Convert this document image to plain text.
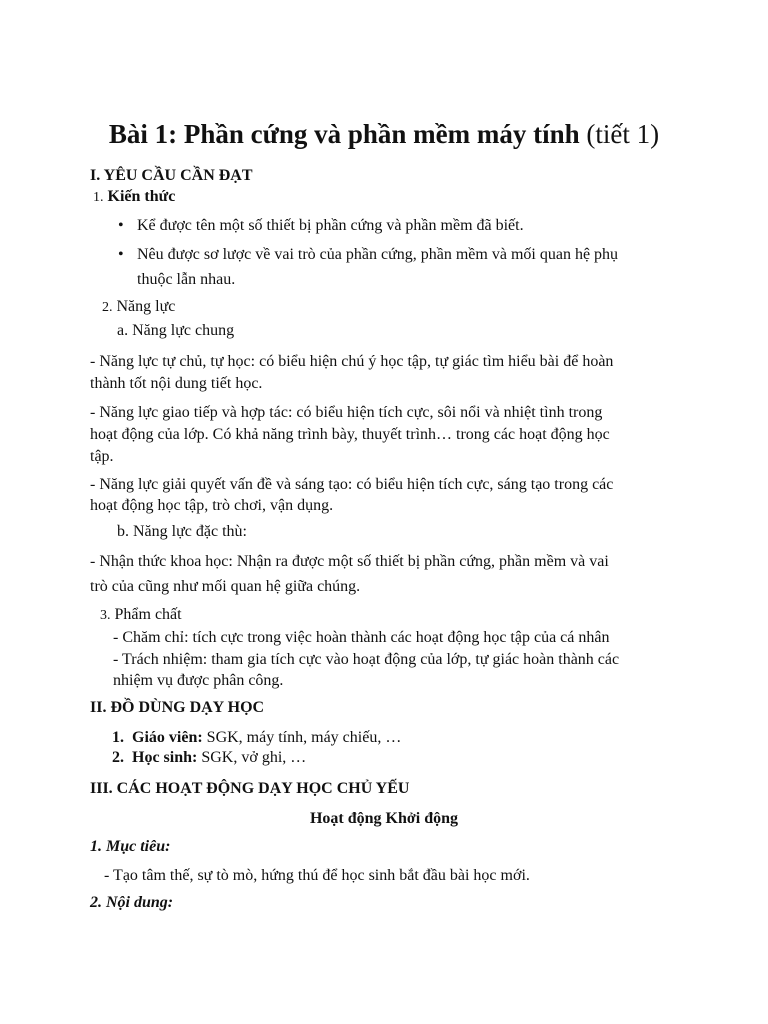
Bài 1: Phần cứng và phần mềm máy tính (tiết 1)
I. YÊU CẦU CẦN ĐẠT
1. Kiến thức
• Kể được tên một số thiết bị phần cứng và phần mềm đã biết.
• Nêu được sơ lược về vai trò của phần cứng, phần mềm và mối quan hệ phụ
thuộc lẫn nhau.
2. Năng lực
a. Năng lực chung
- Năng lực tự chủ, tự học: có biểu hiện chú ý học tập, tự giác tìm hiểu bài để hoàn
thành tốt nội dung tiết học.
- Năng lực giao tiếp và hợp tác: có biểu hiện tích cực, sôi nổi và nhiệt tình trong
hoạt động của lớp. Có khả năng trình bày, thuyết trình… trong các hoạt động học
tập.
- Năng lực giải quyết vấn đề và sáng tạo: có biểu hiện tích cực, sáng tạo trong các
hoạt động học tập, trò chơi, vận dụng.
b. Năng lực đặc thù:
- Nhận thức khoa học: Nhận ra được một số thiết bị phần cứng, phần mềm và vai
trò của cũng như mối quan hệ giữa chúng.
3. Phẩm chất
- Chăm chỉ: tích cực trong việc hoàn thành các hoạt động học tập của cá nhân
- Trách nhiệm: tham gia tích cực vào hoạt động của lớp, tự giác hoàn thành các
nhiệm vụ được phân công.
II. ĐỒ DÙNG DẠY HỌC
1. Giáo viên: SGK, máy tính, máy chiếu, …
2. Học sinh: SGK, vở ghi, …
III. CÁC HOẠT ĐỘNG DẠY HỌC CHỦ YẾU
Hoạt động Khởi động
1. Mục tiêu:
- Tạo tâm thế, sự tò mò, hứng thú để học sinh bắt đầu bài học mới.
2. Nội dung:
